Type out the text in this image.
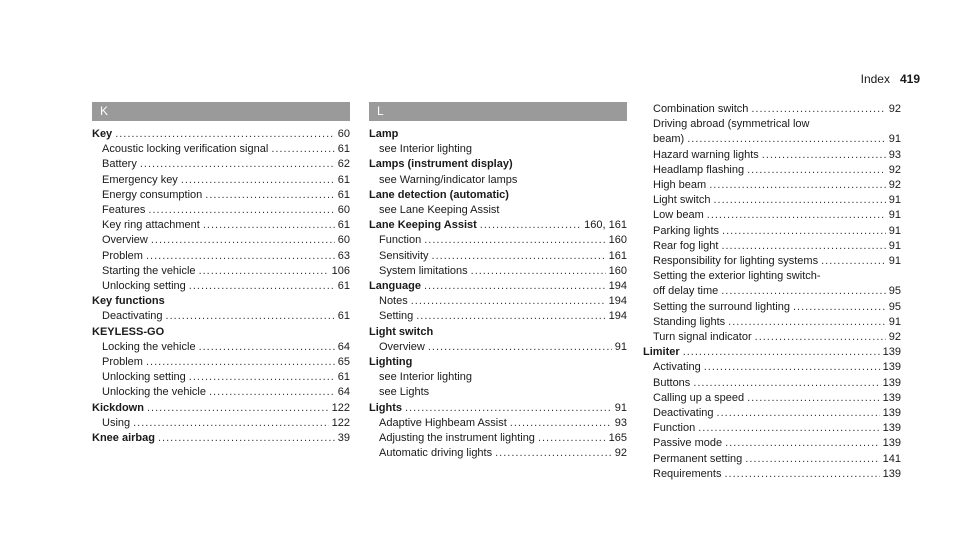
Index 419
K
Key .....	60
Acoustic locking verification signal .....	61
Battery .....	62
Emergency key .....	61
Energy consumption .....	61
Features .....	60
Key ring attachment .....	61
Overview .....	60
Problem .....	63
Starting the vehicle .....	106
Unlocking setting .....	61
Key functions
Deactivating .....	61
KEYLESS-GO
Locking the vehicle .....	64
Problem .....	65
Unlocking setting .....	61
Unlocking the vehicle .....	64
Kickdown .....	122
Using .....	122
Knee airbag .....	39
L
Lamp
see Interior lighting
Lamps (instrument display)
see Warning/indicator lamps
Lane detection (automatic)
see Lane Keeping Assist
Lane Keeping Assist .....	160, 161
Function .....	160
Sensitivity .....	161
System limitations .....	160
Language .....	194
Notes .....	194
Setting .....	194
Light switch
Overview .....	91
Lighting
see Interior lighting
see Lights
Lights .....	91
Adaptive Highbeam Assist .....	93
Adjusting the instrument lighting .....	165
Automatic driving lights .....	92
Combination switch .....	92
Driving abroad (symmetrical low
beam) .....	91
Hazard warning lights .....	93
Headlamp flashing .....	92
High beam .....	92
Light switch .....	91
Low beam .....	91
Parking lights .....	91
Rear fog light .....	91
Responsibility for lighting systems .....	91
Setting the exterior lighting switch-
off delay time .....	95
Setting the surround lighting .....	95
Standing lights .....	91
Turn signal indicator .....	92
Limiter .....	139
Activating .....	139
Buttons .....	139
Calling up a speed .....	139
Deactivating .....	139
Function .....	139
Passive mode .....	139
Permanent setting .....	141
Requirements .....	139
